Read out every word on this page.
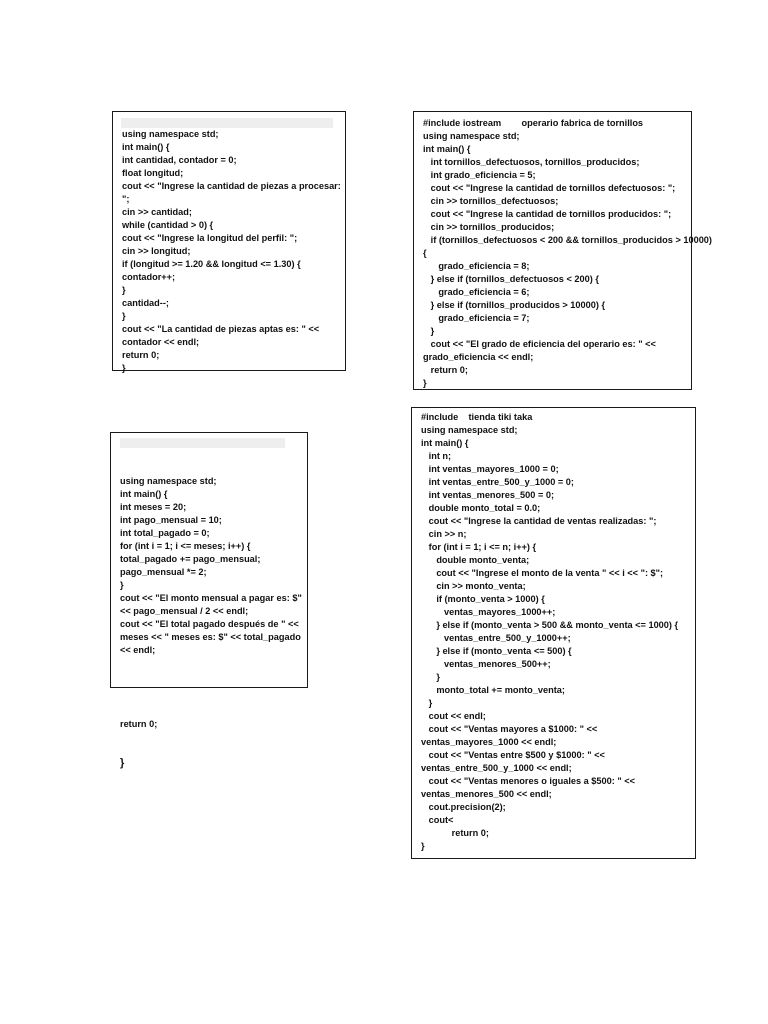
using namespace std;
int main() {
int cantidad, contador = 0;
float longitud;
cout << "Ingrese la cantidad de piezas a procesar:
";
cin >> cantidad;
while (cantidad > 0) {
cout << "Ingrese la longitud del perfil: ";
cin >> longitud;
if (longitud >= 1.20 && longitud <= 1.30) {
contador++;
}
cantidad--;
}
cout << "La cantidad de piezas aptas es: " <<
contador << endl;
return 0;
}
#include iostream        operario fabrica de tornillos
using namespace std;
int main() {
int tornillos_defectuosos, tornillos_producidos;
int grado_eficiencia = 5;
cout << "Ingrese la cantidad de tornillos defectuosos: ";
cin >> tornillos_defectuosos;
cout << "Ingrese la cantidad de tornillos producidos: ";
cin >> tornillos_producidos;
if (tornillos_defectuosos < 200 && tornillos_producidos > 10000)
{
grado_eficiencia = 8;
} else if (tornillos_defectuosos < 200) {
grado_eficiencia = 6;
} else if (tornillos_producidos > 10000) {
grado_eficiencia = 7;
}
cout << "El grado de eficiencia del operario es: " <<
grado_eficiencia << endl;
return 0;
}

using namespace std;
int main() {
int meses = 20;
int pago_mensual = 10;
int total_pagado = 0;
for (int i = 1; i <= meses; i++) {
total_pagado += pago_mensual;
pago_mensual *= 2;
}
cout << "El monto mensual a pagar es: $"
<< pago_mensual / 2 << endl;
cout << "El total pagado después de " <<
meses << " meses es: $" << total_pagado
<< endl;

return 0;

}

#include    tienda tiki taka
using namespace std;
int main() {
int n;
int ventas_mayores_1000 = 0;
int ventas_entre_500_y_1000 = 0;
int ventas_menores_500 = 0;
double monto_total = 0.0;
cout << "Ingrese la cantidad de ventas realizadas: ";
cin >> n;
for (int i = 1; i <= n; i++) {
double monto_venta;
cout << "Ingrese el monto de la venta " << i << ": $";
cin >> monto_venta;
if (monto_venta > 1000) {
ventas_mayores_1000++;
} else if (monto_venta > 500 && monto_venta <= 1000) {
ventas_entre_500_y_1000++;
} else if (monto_venta <= 500) {
ventas_menores_500++;
}
monto_total += monto_venta;
}
cout << endl;
cout << "Ventas mayores a $1000: " <<
ventas_mayores_1000 << endl;
cout << "Ventas entre $500 y $1000: " <<
ventas_entre_500_y_1000 << endl;
cout << "Ventas menores o iguales a $500: " <<
ventas_menores_500 << endl;
cout.precision(2);
cout<
return 0;
}
